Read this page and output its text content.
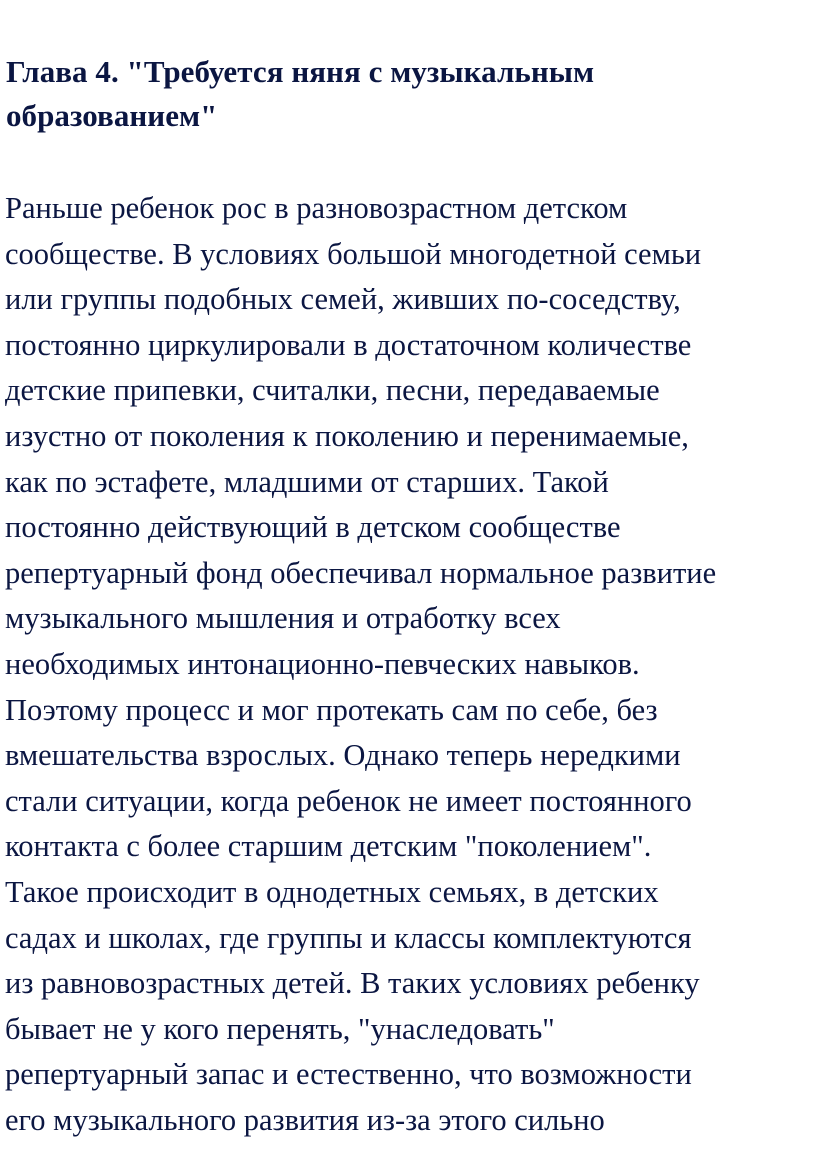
Глава 4. "Требуется няня с музыкальным
образованием"

Раньше ребенок рос в разновозрастном детском
сообществе. В условиях большой многодетной семьи
или группы подобных семей, живших по-соседству,
постоянно циркулировали в достаточном количестве
детские припевки, считалки, песни, передаваемые
изустно от поколения к поколению и перенимаемые,
как по эстафете, младшими от старших. Такой
постоянно действующий в детском сообществе
репертуарный фонд обеспечивал нормальное развитие
музыкального мышления и отработку всех
необходимых интонационно-певческих навыков.
Поэтому процесс и мог протекать сам по себе, без
вмешательства взрослых. Однако теперь нередкими
стали ситуации, когда ребенок не имеет постоянного
контакта с более старшим детским "поколением".
Такое происходит в однодетных семьях, в детских
садах и школах, где группы и классы комплектуются
из равновозрастных детей. В таких условиях ребенку
бывает не у кого перенять, "унаследовать"
репертуарный запас и естественно, что возможности
его музыкального развития из-за этого сильно
